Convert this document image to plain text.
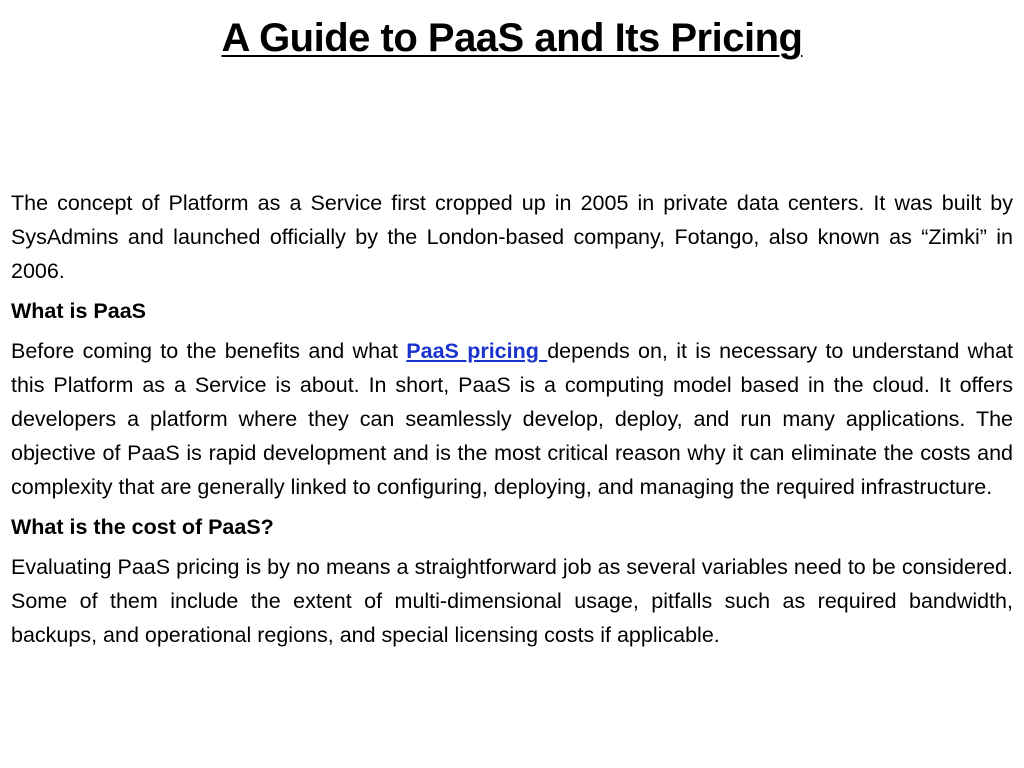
A Guide to PaaS and Its Pricing

The concept of Platform as a Service first cropped up in 2005 in private data centers. It was built by SysAdmins and launched officially by the London-based company, Fotango, also known as “Zimki” in 2006.

What is PaaS

Before coming to the benefits and what PaaS pricing depends on, it is necessary to understand what this Platform as a Service is about. In short, PaaS is a computing model based in the cloud. It offers developers a platform where they can seamlessly develop, deploy, and run many applications. The objective of PaaS is rapid development and is the most critical reason why it can eliminate the costs and complexity that are generally linked to configuring, deploying, and managing the required infrastructure.

What is the cost of PaaS?

Evaluating PaaS pricing is by no means a straightforward job as several variables need to be considered. Some of them include the extent of multi-dimensional usage, pitfalls such as required bandwidth, backups, and operational regions, and special licensing costs if applicable.
